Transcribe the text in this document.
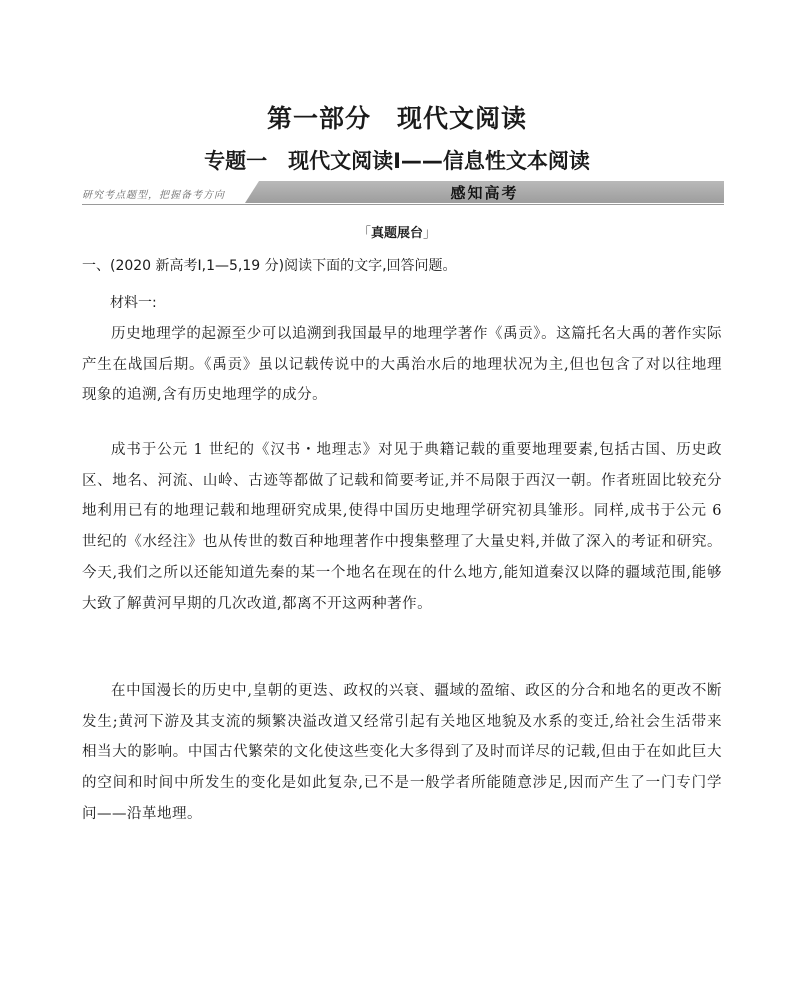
第一部分　现代文阅读
专题一　现代文阅读Ⅰ——信息性文本阅读
研究考点题型，把握备考方向	感知高考
「真题展台」
一、(2020 新高考Ⅰ,1—5,19 分)阅读下面的文字,回答问题。
材料一:

历史地理学的起源至少可以追溯到我国最早的地理学著作《禹贡》。这篇托名大禹的著作实际产生在战国后期。《禹贡》虽以记载传说中的大禹治水后的地理状况为主,但也包含了对以往地理现象的追溯,含有历史地理学的成分。

成书于公元 1 世纪的《汉书・地理志》对见于典籍记载的重要地理要素,包括古国、历史政区、地名、河流、山岭、古迹等都做了记载和简要考证,并不局限于西汉一朝。作者班固比较充分地利用已有的地理记载和地理研究成果,使得中国历史地理学研究初具雏形。同样,成书于公元 6 世纪的《水经注》也从传世的数百种地理著作中搜集整理了大量史料,并做了深入的考证和研究。今天,我们之所以还能知道先秦的某一个地名在现在的什么地方,能知道秦汉以降的疆域范围,能够大致了解黄河早期的几次改道,都离不开这两种著作。

在中国漫长的历史中,皇朝的更迭、政权的兴衰、疆域的盈缩、政区的分合和地名的更改不断发生;黄河下游及其支流的频繁决溢改道又经常引起有关地区地貌及水系的变迁,给社会生活带来相当大的影响。中国古代繁荣的文化使这些变化大多得到了及时而详尽的记载,但由于在如此巨大的空间和时间中所发生的变化是如此复杂,已不是一般学者所能随意涉足,因而产生了一门专门学问——沿革地理。
